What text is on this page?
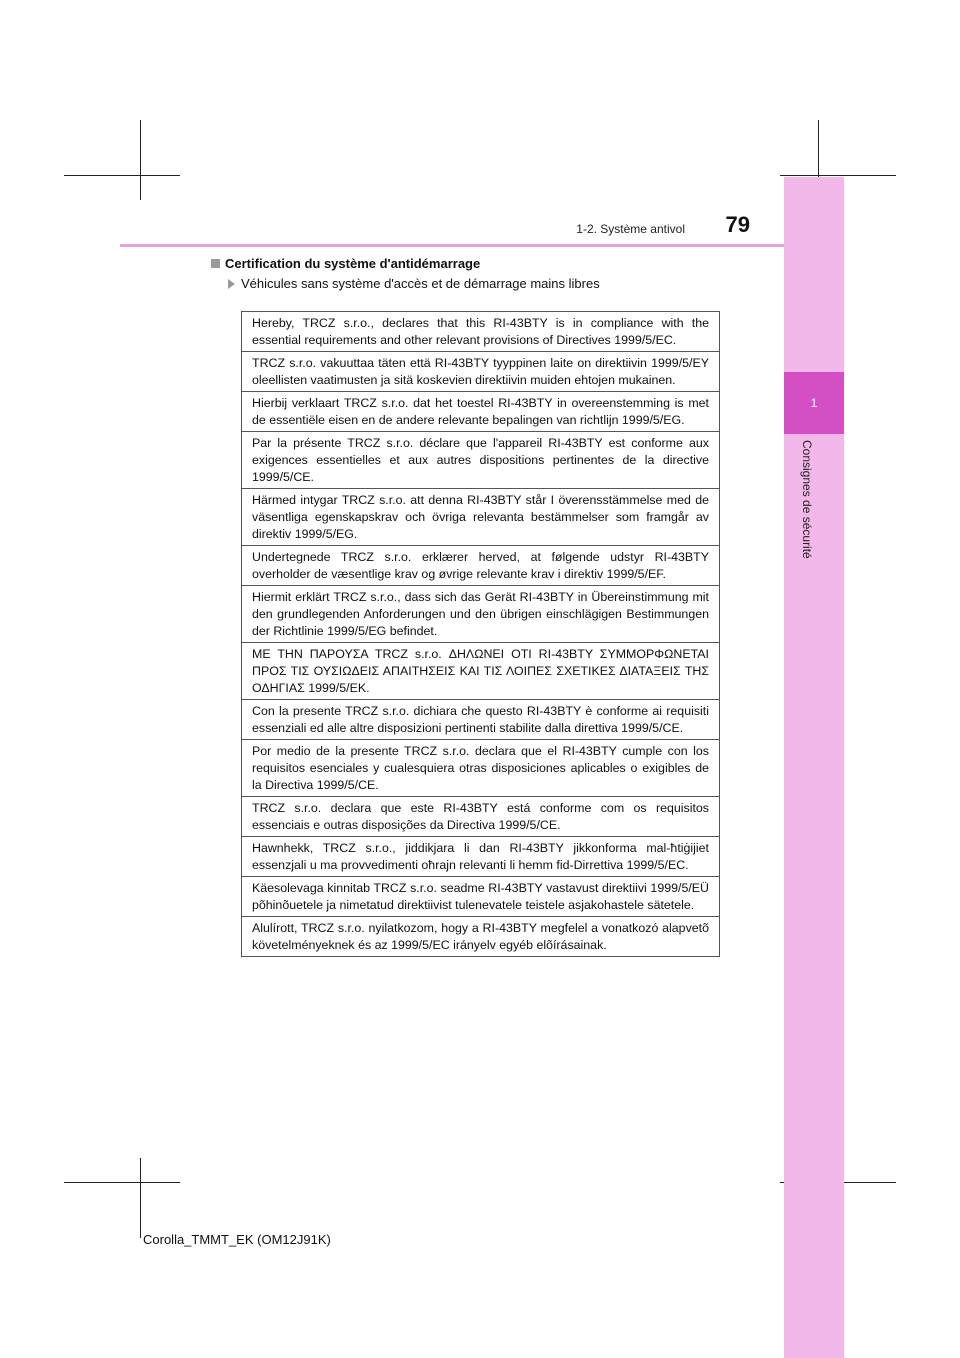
1
Consignes de sécurité
1-2. Système antivol	79
Certification du système d'antidémarrage
Véhicules sans système d'accès et de démarrage mains libres
Hereby, TRCZ s.r.o., declares that this RI-43BTY is in compliance with the essential requirements and other relevant provisions of Directives 1999/5/EC.
TRCZ s.r.o. vakuuttaa täten että RI-43BTY tyyppinen laite on direktiivin 1999/5/EY oleellisten vaatimusten ja sitä koskevien direktiivin muiden ehtojen mukainen.
Hierbij verklaart TRCZ s.r.o. dat het toestel RI-43BTY in overeenstemming is met de essentiële eisen en de andere relevante bepalingen van richtlijn 1999/5/EG.
Par la présente TRCZ s.r.o. déclare que l'appareil RI-43BTY est conforme aux exigences essentielles et aux autres dispositions pertinentes de la directive 1999/5/CE.
Härmed intygar TRCZ s.r.o. att denna RI-43BTY står I överensstämmelse med de väsentliga egenskapskrav och övriga relevanta bestämmelser som framgår av direktiv 1999/5/EG.
Undertegnede TRCZ s.r.o. erklærer herved, at følgende udstyr RI-43BTY overholder de væsentlige krav og øvrige relevante krav i direktiv 1999/5/EF.
Hiermit erklärt TRCZ s.r.o., dass sich das Gerät RI-43BTY in Übereinstimmung mit den grundlegenden Anforderungen und den übrigen einschlägigen Bestimmungen der Richtlinie 1999/5/EG befindet.
ΜΕ ΤΗΝ ΠΑΡΟΥΣΑ TRCZ s.r.o. ΔΗΛΩΝΕΙ ΟΤΙ RI-43BTY ΣΥΜΜΟΡΦΩΝΕΤΑΙ ΠΡΟΣ ΤΙΣ ΟΥΣΙΩΔΕΙΣ ΑΠΑΙΤΗΣΕΙΣ ΚΑΙ ΤΙΣ ΛΟΙΠΕΣ ΣΧΕΤΙΚΕΣ ΔΙΑΤΑΞΕΙΣ ΤΗΣ ΟΔΗΓΙΑΣ 1999/5/ΕΚ.
Con la presente TRCZ s.r.o. dichiara che questo RI-43BTY è conforme ai requisiti essenziali ed alle altre disposizioni pertinenti stabilite dalla direttiva 1999/5/CE.
Por medio de la presente TRCZ s.r.o. declara que el RI-43BTY cumple con los requisitos esenciales y cualesquiera otras disposiciones aplicables o exigibles de la Directiva 1999/5/CE.
TRCZ s.r.o. declara que este RI-43BTY está conforme com os requisitos essenciais e outras disposições da Directiva 1999/5/CE.
Hawnhekk, TRCZ s.r.o., jiddikjara li dan RI-43BTY jikkonforma mal-ħtiġijiet essenzjali u ma provvedimenti oħrajn relevanti li hemm fid-Dirrettiva 1999/5/EC.
Käesolevaga kinnitab TRCZ s.r.o. seadme RI-43BTY vastavust direktiivi 1999/5/EÜ põhinõuetele ja nimetatud direktiivist tulenevatele teistele asjakohastele sätetele.
Alulírott, TRCZ s.r.o. nyilatkozom, hogy a RI-43BTY megfelel a vonatkozó alapvetõ követelményeknek és az 1999/5/EC irányelv egyéb elõírásainak.
Corolla_TMMT_EK (OM12J91K)
